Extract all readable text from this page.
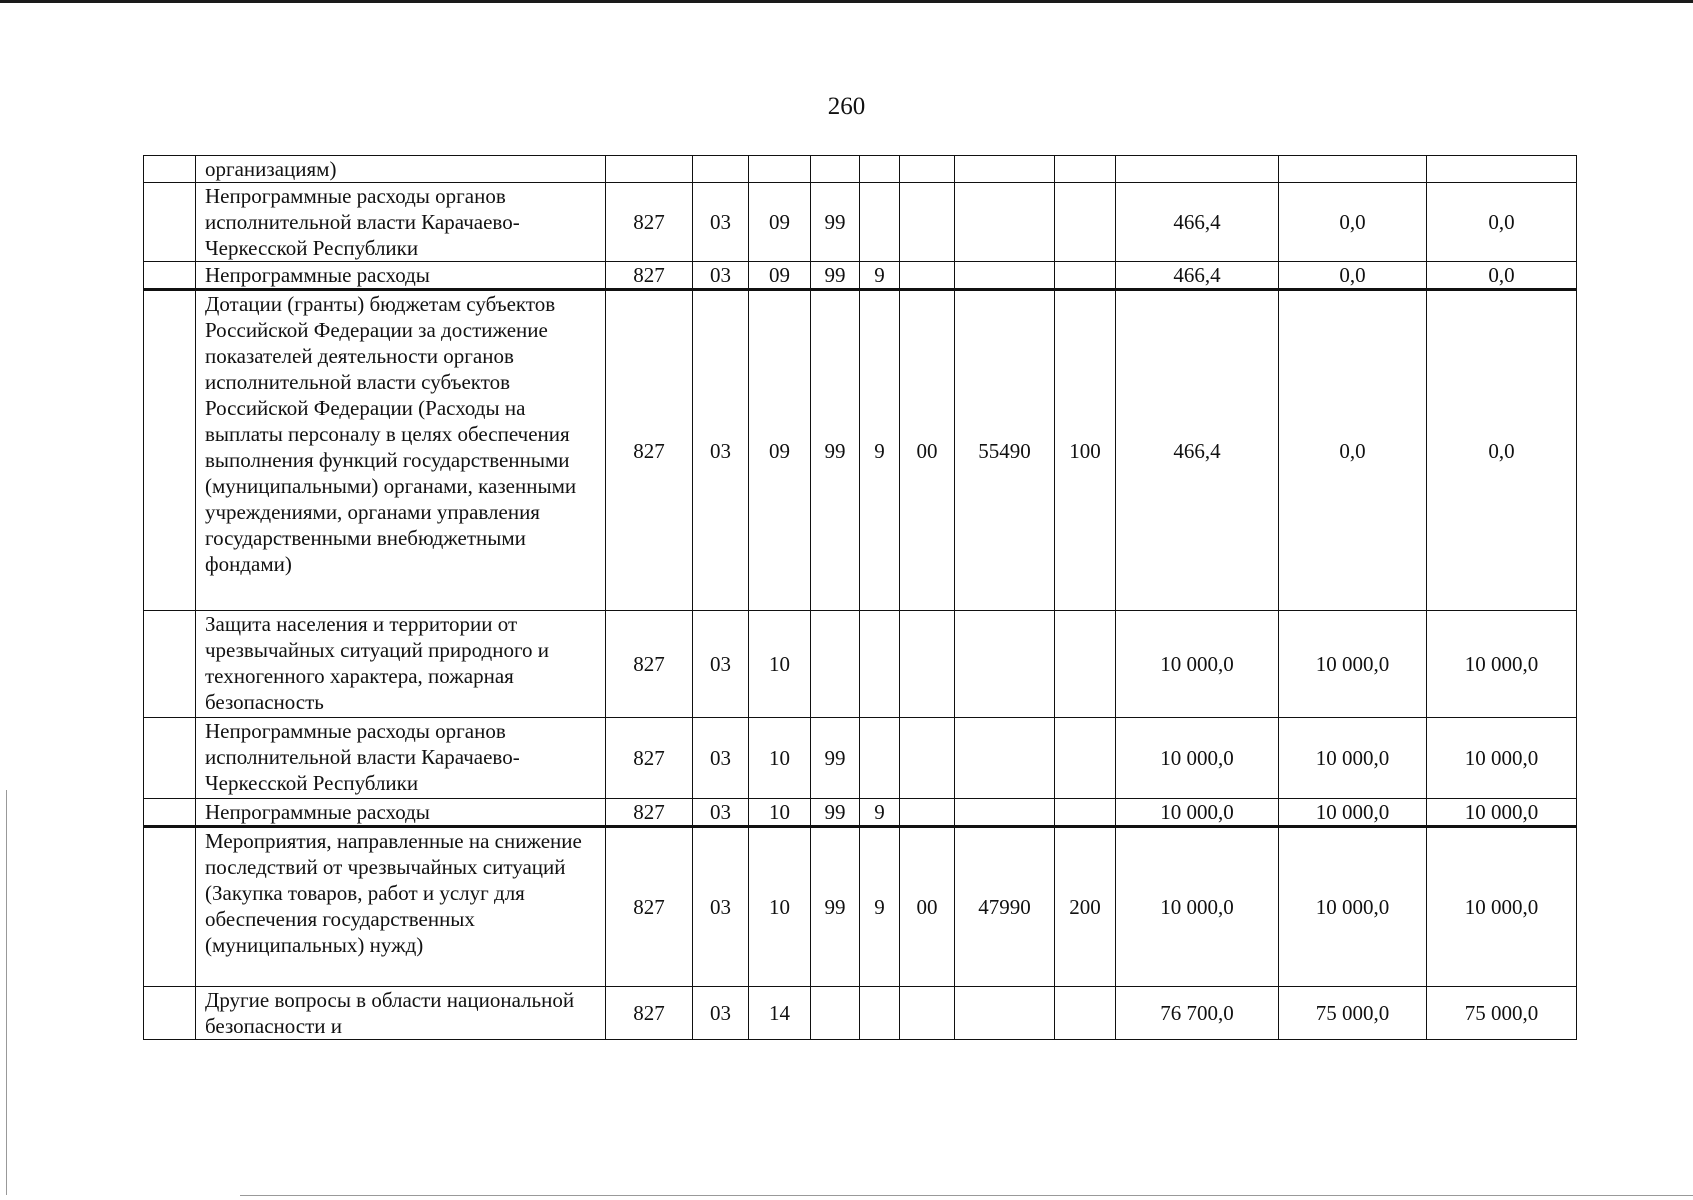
260
	организациям)											
	Непрограммные расходы органов исполнительной власти Карачаево-Черкесской Республики	827	03	09	99					466,4	0,0	0,0
	Непрограммные расходы	827	03	09	99	9				466,4	0,0	0,0
	Дотации (гранты) бюджетам субъектов Российской Федерации за достижение показателей деятельности органов исполнительной власти субъектов Российской Федерации (Расходы на выплаты персоналу в целях обеспечения выполнения функций государственными (муниципальными) органами, казенными учреждениями, органами управления государственными внебюджетными фондами)	827	03	09	99	9	00	55490	100	466,4	0,0	0,0
	Защита населения и территории от чрезвычайных ситуаций природного и техногенного характера, пожарная безопасность	827	03	10						10 000,0	10 000,0	10 000,0
	Непрограммные расходы органов исполнительной власти Карачаево-Черкесской Республики	827	03	10	99					10 000,0	10 000,0	10 000,0
	Непрограммные расходы	827	03	10	99	9				10 000,0	10 000,0	10 000,0
	Мероприятия, направленные на снижение последствий от чрезвычайных ситуаций (Закупка товаров, работ и услуг для обеспечения государственных (муниципальных) нужд)	827	03	10	99	9	00	47990	200	10 000,0	10 000,0	10 000,0
	Другие вопросы в области национальной безопасности и	827	03	14						76 700,0	75 000,0	75 000,0
